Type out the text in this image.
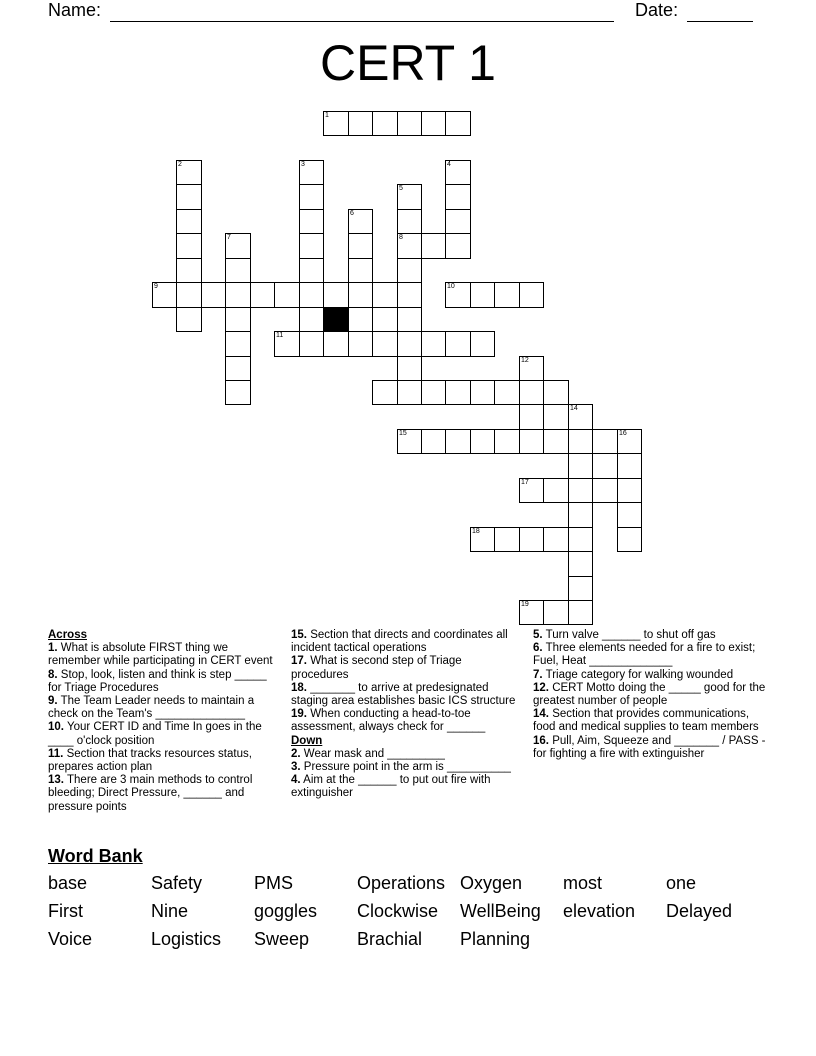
Name:	Date:
CERT 1
1
2	3	4
5
8
6
7
9	10
11
12
14
15	16
17
18
19
Across
1. What is absolute FIRST thing we remember while participating in CERT event
8. Stop, look, listen and think is step _____ for Triage Procedures
9. The Team Leader needs to maintain a check on the Team's ______________
10. Your CERT ID and Time In goes in the ____ o'clock position
11. Section that tracks resources status, prepares action plan
13. There are 3 main methods to control bleeding; Direct Pressure, ______ and pressure points
15. Section that directs and coordinates all incident tactical operations
17. What is second step of Triage procedures
18. _______ to arrive at predesignated staging area establishes basic ICS structure
19. When conducting a head-to-toe assessment, always check for ______
Down
2. Wear mask and _________
3. Pressure point in the arm is __________
4. Aim at the ______ to put out fire with extinguisher
5. Turn valve ______ to shut off gas
6. Three elements needed for a fire to exist; Fuel, Heat _____________
7. Triage category for walking wounded
12. CERT Motto doing the _____ good for the greatest number of people
14. Section that provides communications, food and medical supplies to team members
16. Pull, Aim, Squeeze and _______ / PASS - for fighting a fire with extinguisher
Word Bank
base	Safety	PMS	Operations Oxygen most	one
First	Nine	goggles Clockwise WellBeing elevation Delayed
Voice	Logistics Sweep	Brachial Planning
